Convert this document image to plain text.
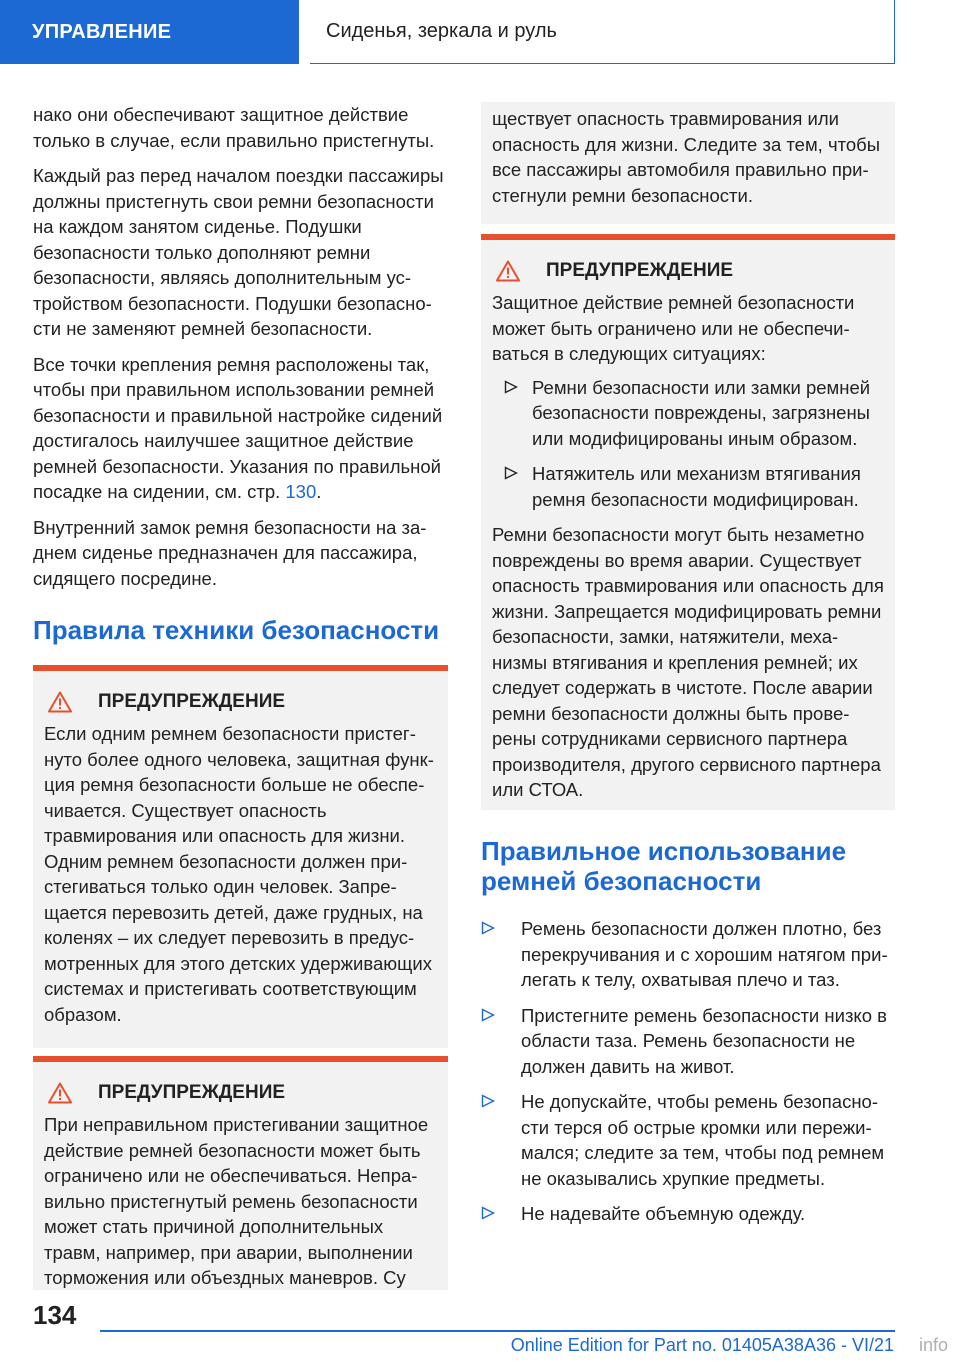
УПРАВЛЕНИЕ	Сиденья, зеркала и руль

нако они обеспечивают защитное действие только в случае, если правильно пристегнуты.

Каждый раз перед началом поездки пассажиры должны пристегнуть свои ремни безопасности на каждом занятом сиденье. Подушки безопасности только дополняют ремни безопасности, являясь дополнительным устройством безопасности. Подушки безопасности не заменяют ремней безопасности.

Все точки крепления ремня расположены так, чтобы при правильном использовании ремней безопасности и правильной настройке сидений достигалось наилучшее защитное действие ремней безопасности. Указания по правильной посадке на сидении, см. стр. 130.

Внутренний замок ремня безопасности на заднем сиденье предназначен для пассажира, сидящего посредине.

Правила техники безопасности
ПРЕДУПРЕЖДЕНИЕ

Если одним ремнем безопасности пристегнуто более одного человека, защитная функция ремня безопасности больше не обеспечивается. Существует опасность травмирования или опасность для жизни. Одним ремнем безопасности должен пристегиваться только один человек. Запрещается перевозить детей, даже грудных, на коленях – их следует перевозить в предусмотренных для этого детских удерживающих системах и пристегивать соответствующим образом.

ПРЕДУПРЕЖДЕНИЕ

При неправильном пристегивании защитное действие ремней безопасности может быть ограничено или не обеспечиваться. Неправильно пристегнутый ремень безопасности может стать причиной дополнительных травм, например, при аварии, выполнении торможения или объездных маневров. Су

ществует опасность травмирования или опасность для жизни. Следите за тем, чтобы все пассажиры автомобиля правильно пристегнули ремни безопасности.

ПРЕДУПРЕЖДЕНИЕ

Защитное действие ремней безопасности может быть ограничено или не обеспечиваться в следующих ситуациях:

Ремни безопасности или замки ремней безопасности повреждены, загрязнены или модифицированы иным образом.
Натяжитель или механизм втягивания ремня безопасности модифицирован.

Ремни безопасности могут быть незаметно повреждены во время аварии. Существует опасность травмирования или опасность для жизни. Запрещается модифицировать ремни безопасности, замки, натяжители, механизмы втягивания и крепления ремней; их следует содержать в чистоте. После аварии ремни безопасности должны быть проверены сотрудниками сервисного партнера производителя, другого сервисного партнера или СТОА.

Правильное использование ремней безопасности
Ремень безопасности должен плотно, без перекручивания и с хорошим натягом прилегать к телу, охватывая плечо и таз.
Пристегните ремень безопасности низко в области таза. Ремень безопасности не должен давить на живот.
Не допускайте, чтобы ремень безопасности терся об острые кромки или пережимался; следите за тем, чтобы под ремнем не оказывались хрупкие предметы.
Не надевайте объемную одежду.
134
Online Edition for Part no. 01405A38A36 - VI/21 info
